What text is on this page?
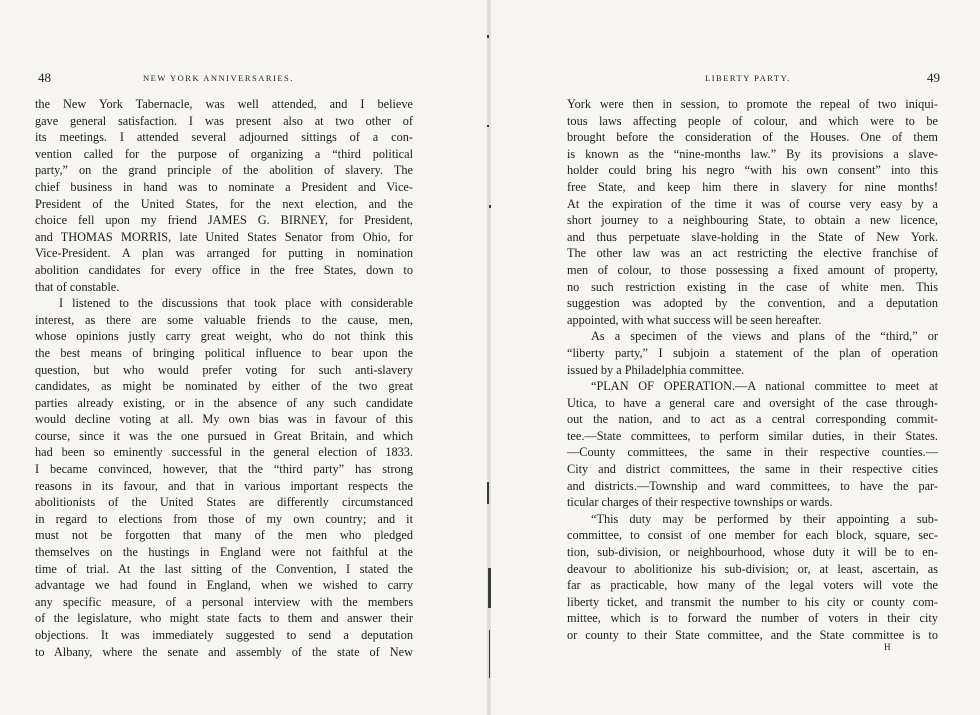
48	NEW YORK ANNIVERSARIES.
the New York Tabernacle, was well attended, and I believe
gave general satisfaction. I was present also at two other of
its meetings. I attended several adjourned sittings of a con-
vention called for the purpose of organizing a “third political
party,” on the grand principle of the abolition of slavery. The
chief business in hand was to nominate a President and Vice-
President of the United States, for the next election, and the
choice fell upon my friend JAMES G. BIRNEY, for President,
and THOMAS MORRIS, late United States Senator from Ohio, for
Vice-President. A plan was arranged for putting in nomination
abolition candidates for every office in the free States, down to
that of constable.
I listened to the discussions that took place with considerable
interest, as there are some valuable friends to the cause, men,
whose opinions justly carry great weight, who do not think this
the best means of bringing political influence to bear upon the
question, but who would prefer voting for such anti-slavery
candidates, as might be nominated by either of the two great
parties already existing, or in the absence of any such candidate
would decline voting at all. My own bias was in favour of this
course, since it was the one pursued in Great Britain, and which
had been so eminently successful in the general election of 1833.
I became convinced, however, that the “third party” has strong
reasons in its favour, and that in various important respects the
abolitionists of the United States are differently circumstanced
in regard to elections from those of my own country; and it
must not be forgotten that many of the men who pledged
themselves on the hustings in England were not faithful at the
time of trial. At the last sitting of the Convention, I stated the
advantage we had found in England, when we wished to carry
any specific measure, of a personal interview with the members
of the legislature, who might state facts to them and answer their
objections. It was immediately suggested to send a deputation
to Albany, where the senate and assembly of the state of New
LIBERTY PARTY.	49
York were then in session, to promote the repeal of two iniqui-
tous laws affecting people of colour, and which were to be
brought before the consideration of the Houses. One of them
is known as the “nine-months law.” By its provisions a slave-
holder could bring his negro “with his own consent” into this
free State, and keep him there in slavery for nine months!
At the expiration of the time it was of course very easy by a
short journey to a neighbouring State, to obtain a new licence,
and thus perpetuate slave-holding in the State of New York.
The other law was an act restricting the elective franchise of
men of colour, to those possessing a fixed amount of property,
no such restriction existing in the case of white men. This
suggestion was adopted by the convention, and a deputation
appointed, with what success will be seen hereafter.
As a specimen of the views and plans of the “third,” or
“liberty party,” I subjoin a statement of the plan of operation
issued by a Philadelphia committee.
“PLAN OF OPERATION.—A national committee to meet at
Utica, to have a general care and oversight of the case through-
out the nation, and to act as a central corresponding commit-
tee.—State committees, to perform similar duties, in their States.
—County committees, the same in their respective counties.—
City and district committees, the same in their respective cities
and districts.—Township and ward committees, to have the par-
ticular charges of their respective townships or wards.
“This duty may be performed by their appointing a sub-
committee, to consist of one member for each block, square, sec-
tion, sub-division, or neighbourhood, whose duty it will be to en-
deavour to abolitionize his sub-division; or, at least, ascertain, as
far as practicable, how many of the legal voters will vote the
liberty ticket, and transmit the number to his city or county com-
mittee, which is to forward the number of voters in their city
or county to their State committee, and the State committee is to
H
